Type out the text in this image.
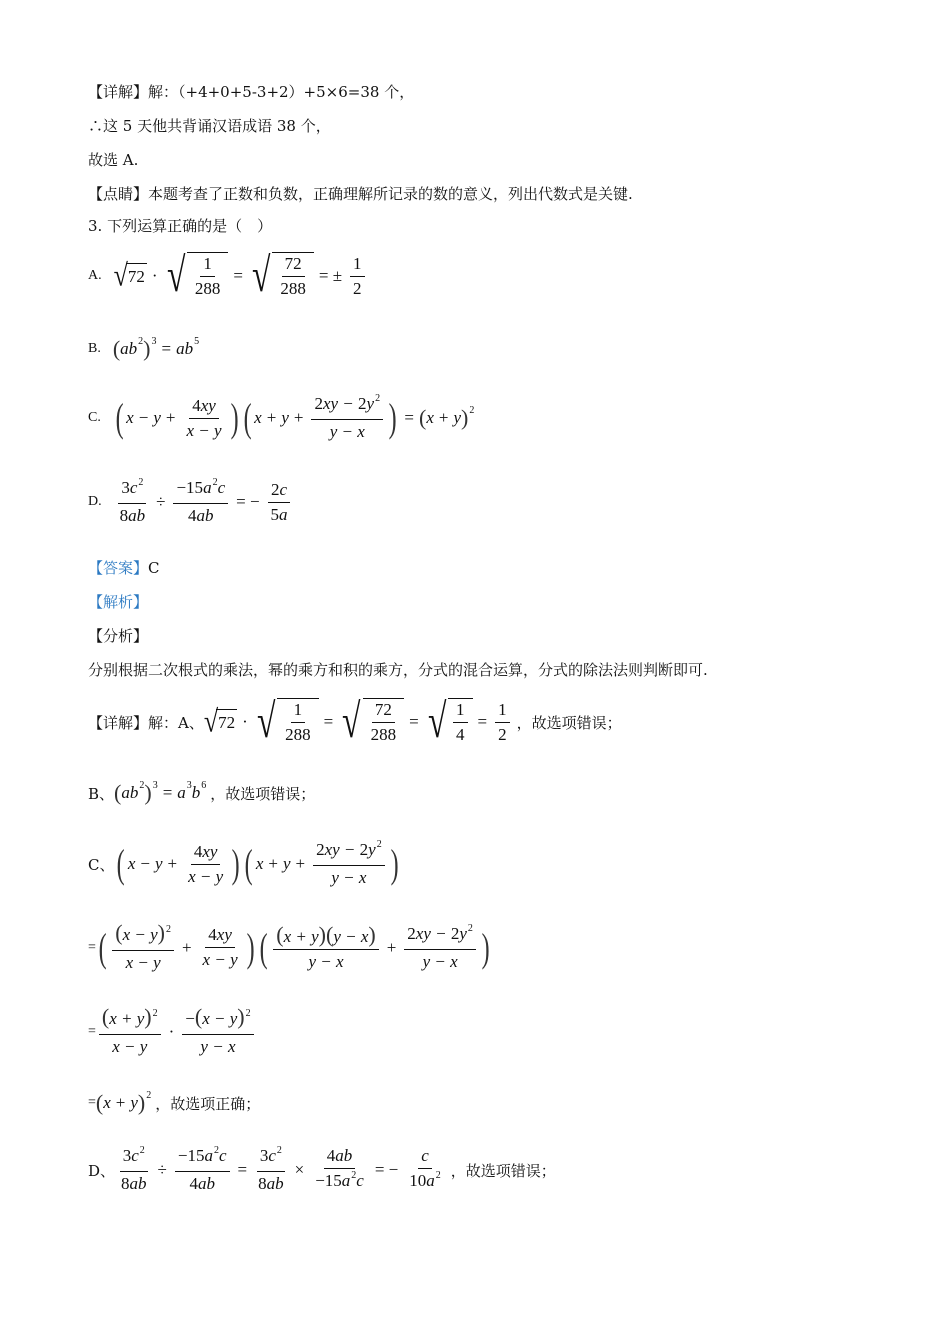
【详解】解：（+4+0+5-3+2）+5×6=38 个，
∴这 5 天他共背诵汉语成语 38 个，
故选 A.
【点睛】本题考查了正数和负数，正确理解所记录的数的意义，列出代数式是关键.
3. 下列运算正确的是（　）
A. √ 72 · √ $\frac{1}{288}$ = √ $\frac{72}{288}$ = ± $\frac{1}{2}$
B. ( ab 2 ) 3 = ab 5
C. ( $x - y + \frac{4xy}{x - y}$ ) ( $x + y + \frac{2xy - 2y^2}{y - x}$ ) = ( x + y ) 2
D. $\frac{3c^2}{8ab} \div \frac{-15a^2c}{4ab}$ = − $\frac{2c}{5a}$
【答案】C
【解析】
【分析】
分别根据二次根式的乘法，幂的乘方和积的乘方，分式的混合运算，分式的除法法则判断即可.
【详解】解：A、 √ 72 · √ $\frac{1}{288}$ = √ $\frac{72}{288}$ = √ $\frac{1}{4} = \frac{1}{2}$ ，故选项错误；
B、 ( ab 2 ) 3 = a 3 b 6 ，故选项错误；
C、 ( $x - y + \frac{4xy}{x - y}$ ) ( $x + y + \frac{2xy - 2y^2}{y - x}$ )
= ( $\frac{(x - y)^2}{x - y} + \frac{4xy}{x - y}$ ) ( $\frac{(x + y)(y - x)}{y - x} + \frac{2xy - 2y^2}{y - x}$ )
= $\frac{(x + y)^2}{x - y} \cdot \frac{-(x - y)^2}{y - x}$
= ( x + y ) 2 ，故选项正确；
D、 $\frac{3c^2}{8ab} \div \frac{-15a^2c}{4ab} = \frac{3c^2}{8ab} \times \frac{4ab}{-15a^2c}$ = − $\frac{c}{10a^2}$ ，故选项错误；
